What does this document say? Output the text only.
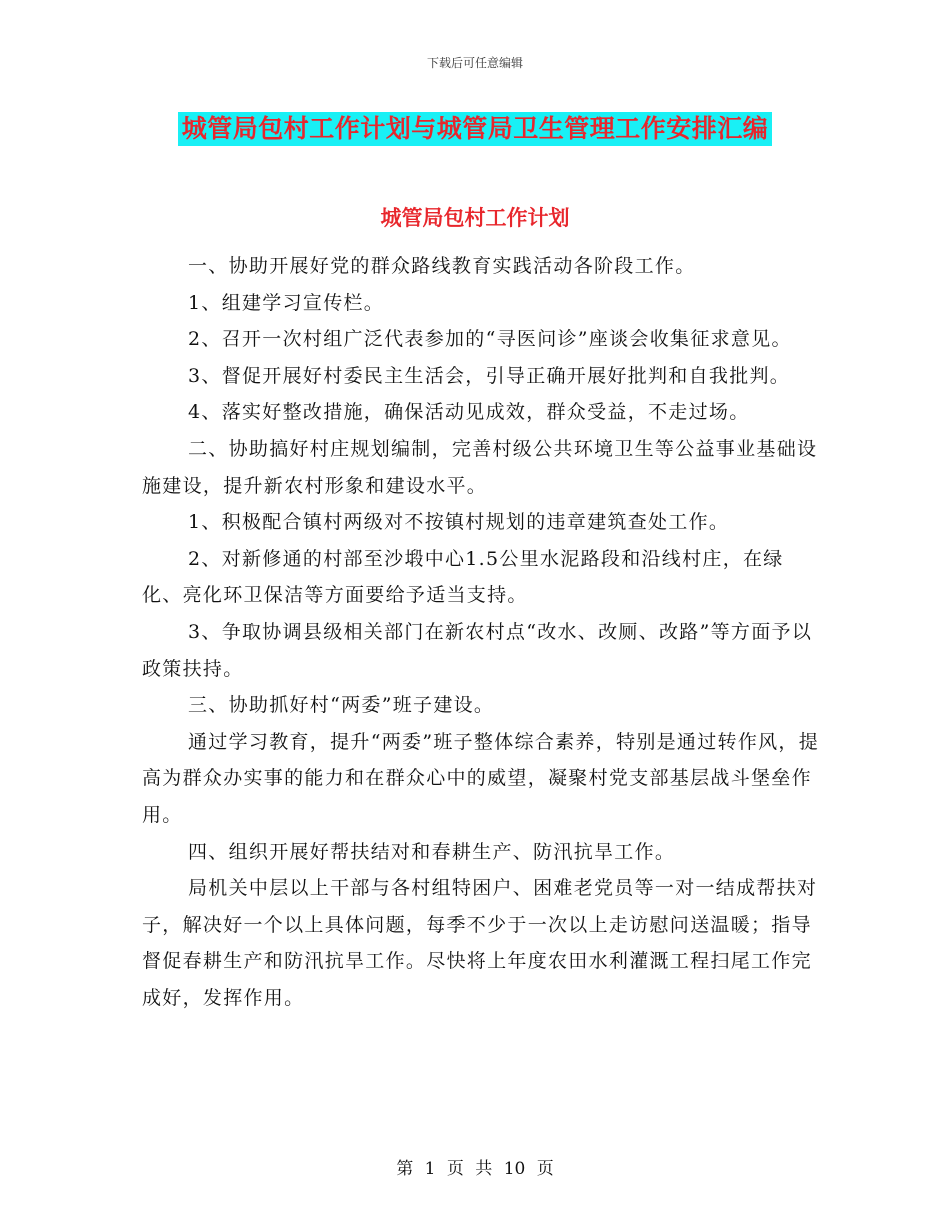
下载后可任意编辑
城管局包村工作计划与城管局卫生管理工作安排汇编
城管局包村工作计划

一、协助开展好党的群众路线教育实践活动各阶段工作。

1、组建学习宣传栏。

2、召开一次村组广泛代表参加的“寻医问诊”座谈会收集征求意见。

3、督促开展好村委民主生活会，引导正确开展好批判和自我批判。

4、落实好整改措施，确保活动见成效，群众受益，不走过场。

二、协助搞好村庄规划编制，完善村级公共环境卫生等公益事业基础设施建设，提升新农村形象和建设水平。

1、积极配合镇村两级对不按镇村规划的违章建筑查处工作。

2、对新修通的村部至沙塅中心1.5公里水泥路段和沿线村庄，在绿化、亮化环卫保洁等方面要给予适当支持。

3、争取协调县级相关部门在新农村点“改水、改厕、改路”等方面予以政策扶持。

三、协助抓好村“两委”班子建设。

通过学习教育，提升“两委”班子整体综合素养，特别是通过转作风，提高为群众办实事的能力和在群众心中的威望，凝聚村党支部基层战斗堡垒作用。

四、组织开展好帮扶结对和春耕生产、防汛抗旱工作。

局机关中层以上干部与各村组特困户、困难老党员等一对一结成帮扶对子，解决好一个以上具体问题，每季不少于一次以上走访慰问送温暖；指导督促春耕生产和防汛抗旱工作。尽快将上年度农田水利灌溉工程扫尾工作完成好，发挥作用。

第 1 页 共 10 页
